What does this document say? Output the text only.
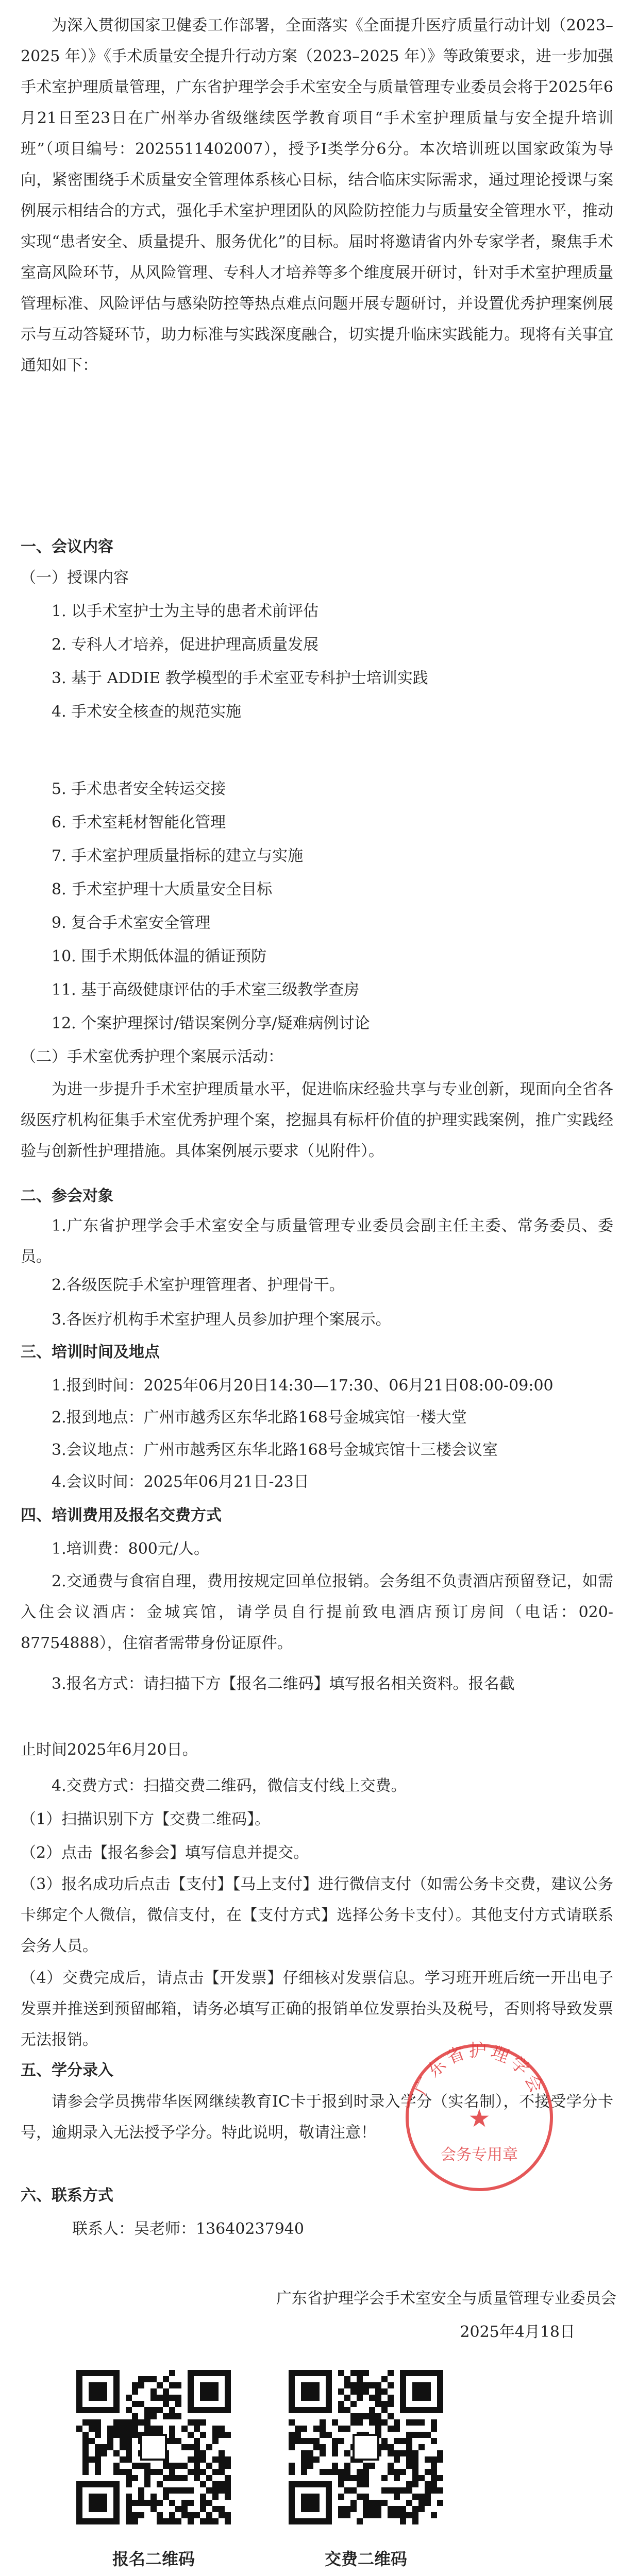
为深入贯彻国家卫健委工作部署，全面落实《全面提升医疗质量行动计划（2023–2025 年）》《手术质量安全提升行动方案（2023–2025 年）》等政策要求，进一步加强手术室护理质量管理，广东省护理学会手术室安全与质量管理专业委员会将于2025年6月21日至23日在广州举办省级继续医学教育项目“手术室护理质量与安全提升培训班”（项目编号：2025511402007），授予Ⅰ类学分6分。本次培训班以国家政策为导向，紧密围绕手术质量安全管理体系核心目标，结合临床实际需求，通过理论授课与案例展示相结合的方式，强化手术室护理团队的风险防控能力与质量安全管理水平，推动实现“患者安全、质量提升、服务优化”的目标。届时将邀请省内外专家学者，聚焦手术室高风险环节，从风险管理、专科人才培养等多个维度展开研讨，针对手术室护理质量管理标准、风险评估与感染防控等热点难点问题开展专题研讨，并设置优秀护理案例展示与互动答疑环节，助力标准与实践深度融合，切实提升临床实践能力。现将有关事宜通知如下：

一、会议内容

（一）授课内容

1. 以手术室护士为主导的患者术前评估

2. 专科人才培养，促进护理高质量发展

3. 基于 ADDIE 教学模型的手术室亚专科护士培训实践

4. 手术安全核查的规范实施

5. 手术患者安全转运交接

6. 手术室耗材智能化管理

7. 手术室护理质量指标的建立与实施

8. 手术室护理十大质量安全目标

9. 复合手术室安全管理

10. 围手术期低体温的循证预防

11. 基于高级健康评估的手术室三级教学查房

12. 个案护理探讨/错误案例分享/疑难病例讨论

（二）手术室优秀护理个案展示活动：

为进一步提升手术室护理质量水平，促进临床经验共享与专业创新，现面向全省各级医疗机构征集手术室优秀护理个案，挖掘具有标杆价值的护理实践案例，推广实践经验与创新性护理措施。具体案例展示要求（见附件）。

二、参会对象

1.广东省护理学会手术室安全与质量管理专业委员会副主任主委、常务委员、委员。

2.各级医院手术室护理管理者、护理骨干。

3.各医疗机构手术室护理人员参加护理个案展示。

三、培训时间及地点

1.报到时间：2025年06月20日14:30—17:30、06月21日08:00-09:00

2.报到地点：广州市越秀区东华北路168号金城宾馆一楼大堂

3.会议地点：广州市越秀区东华北路168号金城宾馆十三楼会议室

4.会议时间：2025年06月21日-23日

四、培训费用及报名交费方式

1.培训费：800元/人。

2.交通费与食宿自理，费用按规定回单位报销。会务组不负责酒店预留登记，如需入住会议酒店：金城宾馆，请学员自行提前致电酒店预订房间（电话：020-87754888），住宿者需带身份证原件。

3.报名方式：请扫描下方【报名二维码】填写报名相关资料。报名截

止时间2025年6月20日。

4.交费方式：扫描交费二维码，微信支付线上交费。

（1）扫描识别下方【交费二维码】。

（2）点击【报名参会】填写信息并提交。

（3）报名成功后点击【支付】【马上支付】进行微信支付（如需公务卡交费，建议公务卡绑定个人微信，微信支付，在【支付方式】选择公务卡支付）。其他支付方式请联系会务人员。

（4）交费完成后，请点击【开发票】仔细核对发票信息。学习班开班后统一开出电子发票并推送到预留邮箱，请务必填写正确的报销单位发票抬头及税号，否则将导致发票无法报销。

五、学分录入

请参会学员携带华医网继续教育IC卡于报到时录入学分（实名制），不接受学分卡号，逾期录入无法授予学分。特此说明，敬请注意！

六、联系方式

联系人：吴老师：13640237940

广东省护理学会
★
会务专用章

广东省护理学会手术室安全与质量管理专业委员会

2025年4月18日

报名二维码	交费二维码
